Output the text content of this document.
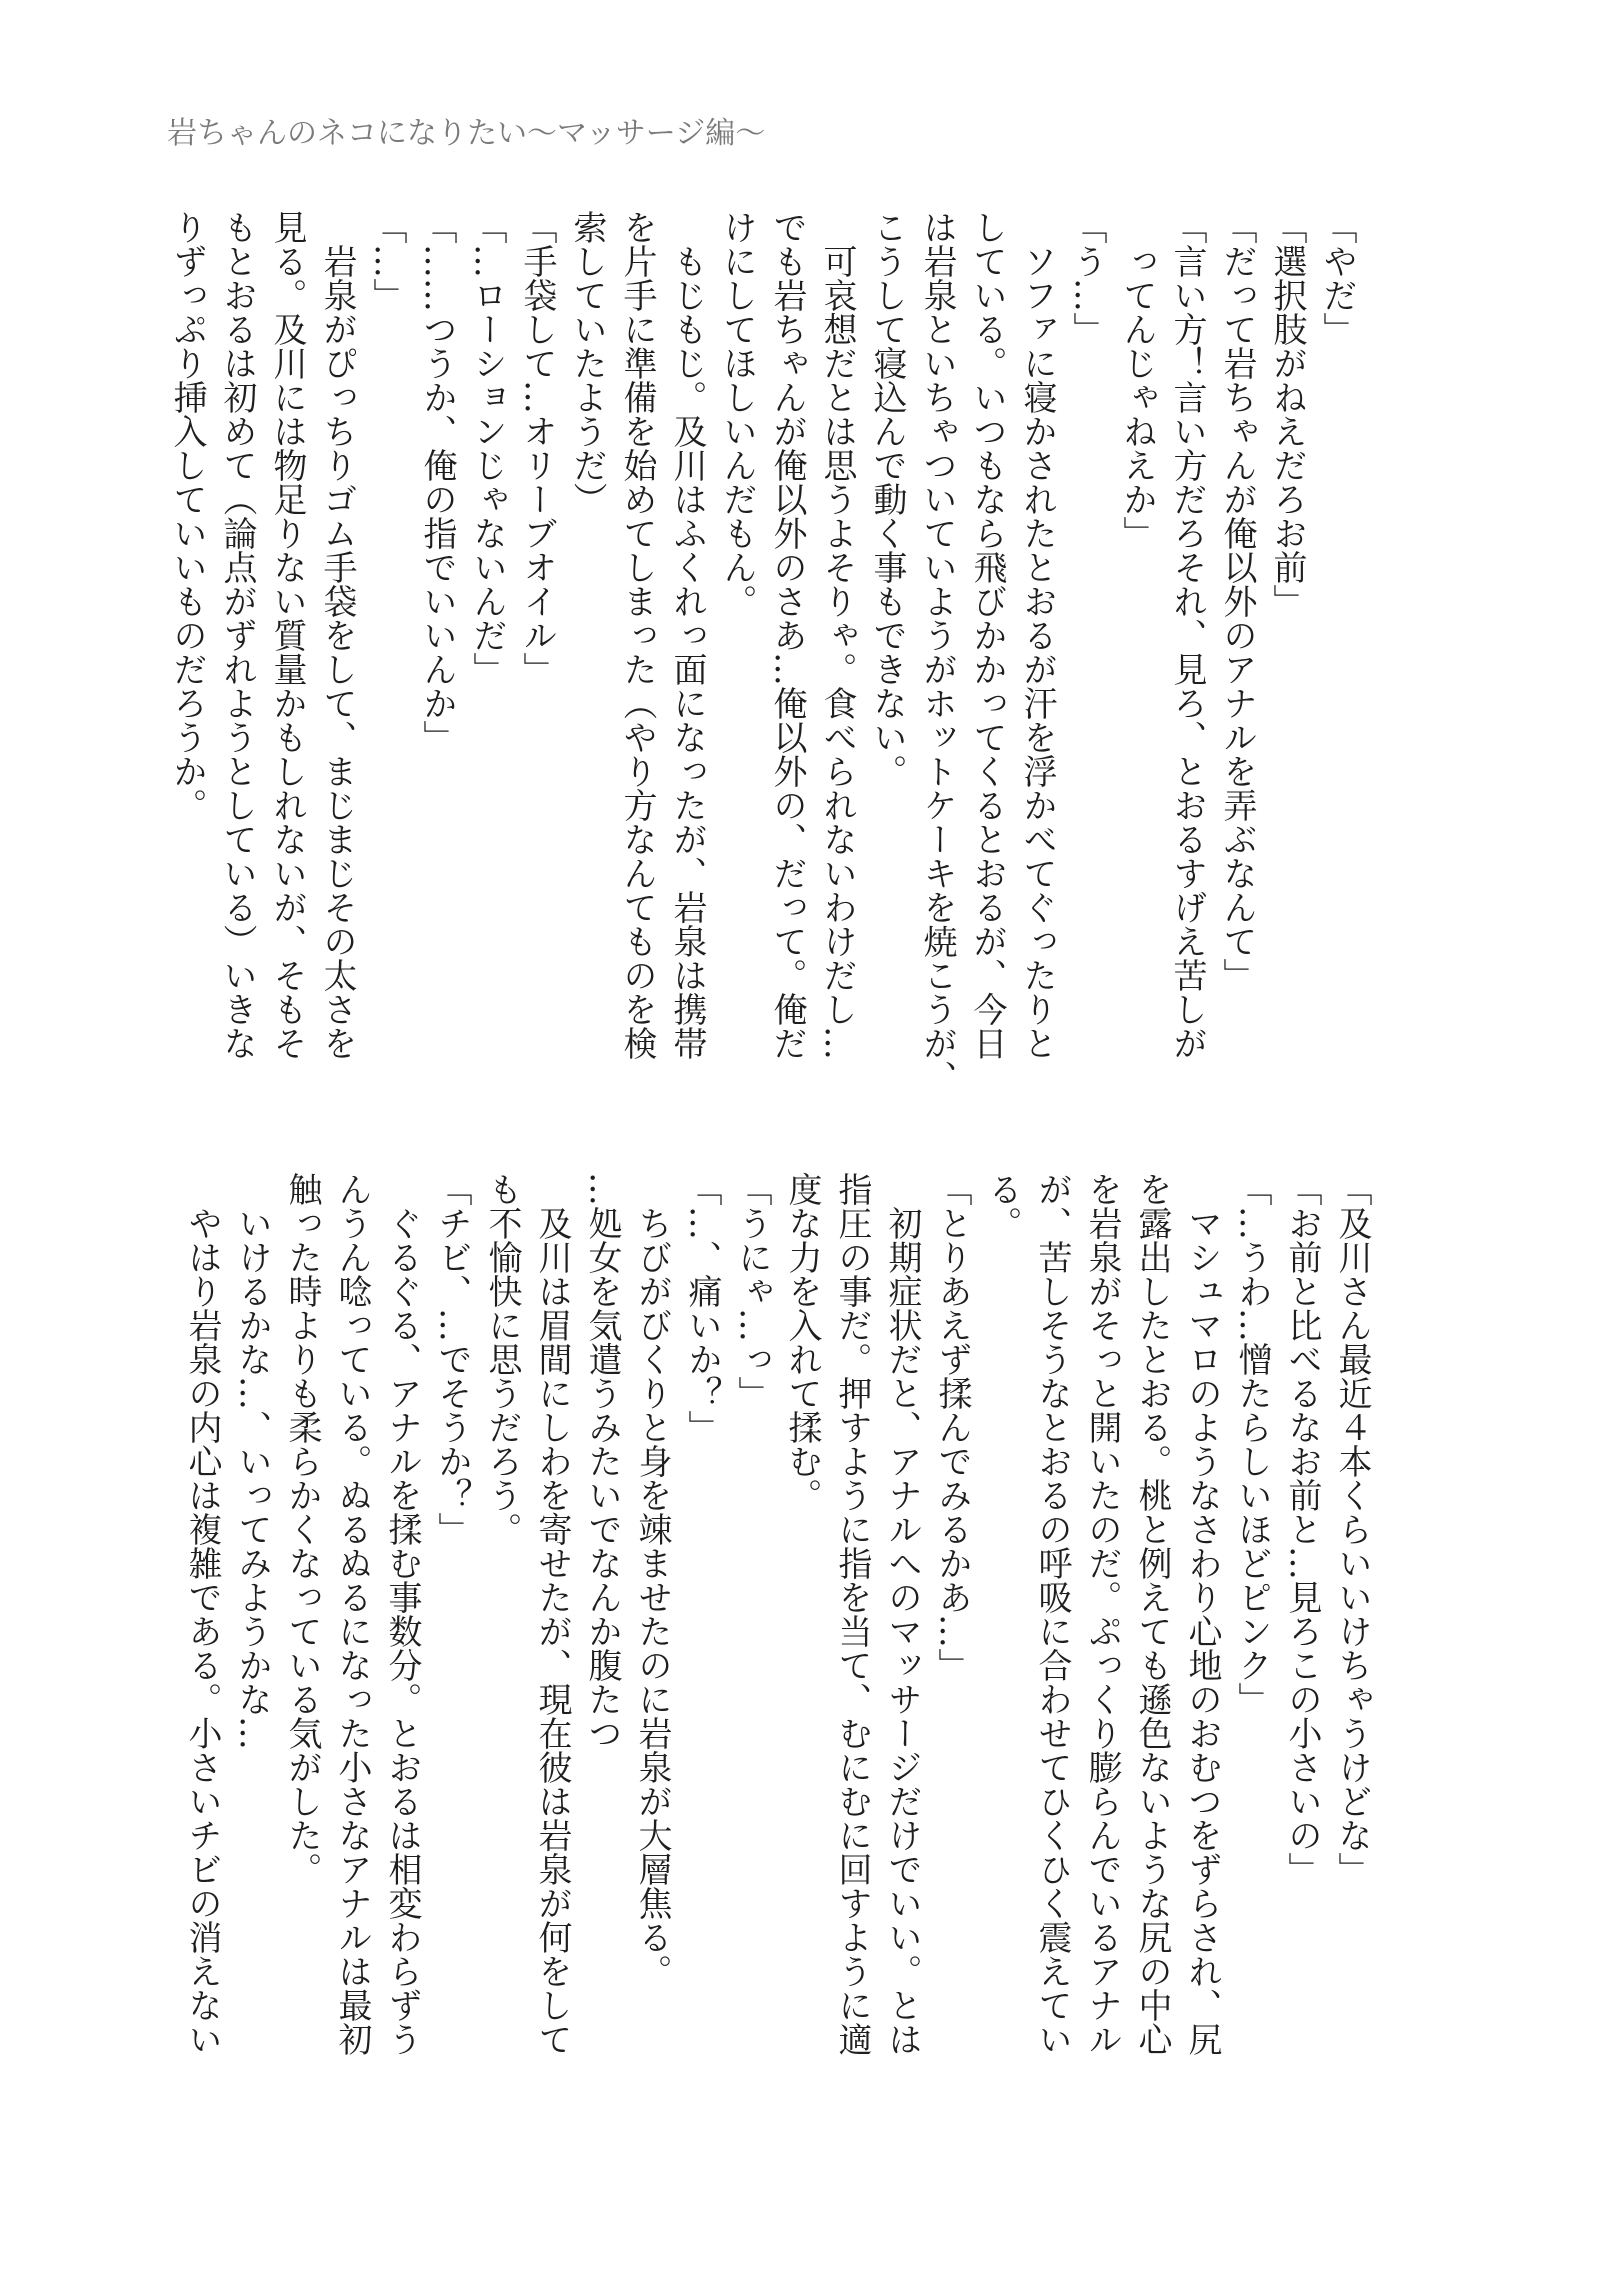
岩ちゃんのネコになりたい〜マッサージ編〜
「やだ」
「選択肢がねえだろお前」
「だって岩ちゃんが俺以外のアナルを弄ぶなんて」
「言い方！言い方だろそれ、見ろ、とおるすげえ苦しが
　ってんじゃねえか」
「う…」
　ソファに寝かされたとおるが汗を浮かべてぐったりと
している。いつもなら飛びかかってくるとおるが、今日
は岩泉といちゃついていようがホットケーキを焼こうが、
こうして寝込んで動く事もできない。
　可哀想だとは思うよそりゃ。食べられないわけだし…
でも岩ちゃんが俺以外のさあ…俺以外の、だって。俺だ
けにしてほしいんだもん。
　もじもじ。及川はふくれっ面になったが、岩泉は携帯
を片手に準備を始めてしまった（やり方なんてものを検
索していたようだ）
「手袋して…オリーブオイル」
「…ローションじゃないんだ」
「……つうか、俺の指でいいんか」
「…」
　岩泉がぴっちりゴム手袋をして、まじまじその太さを
見る。及川には物足りない質量かもしれないが、そもそ
もとおるは初めて（論点がずれようとしている）いきな
りずっぷり挿入していいものだろうか。
「及川さん最近４本くらいいけちゃうけどな」
「お前と比べるなお前と…見ろこの小さいの」
「…うわ…憎たらしいほどピンク」
　マシュマロのようなさわり心地のおむつをずらされ、尻
を露出したとおる。桃と例えても遜色ないような尻の中心
を岩泉がそっと開いたのだ。ぷっくり膨らんでいるアナル
が、苦しそうなとおるの呼吸に合わせてひくひく震えてい
る。
「とりあえず揉んでみるかあ…」
　初期症状だと、アナルへのマッサージだけでいい。とは
指圧の事だ。押すように指を当て、むにむに回すように適
度な力を入れて揉む。
「うにゃ…っ」
「…、痛いか？」
　ちびがびくりと身を竦ませたのに岩泉が大層焦る。
…処女を気遣うみたいでなんか腹たつ
　及川は眉間にしわを寄せたが、現在彼は岩泉が何をして
も不愉快に思うだろう。
「チビ、…でそうか？」
　ぐるぐる、アナルを揉む事数分。とおるは相変わらずう
んうん唸っている。ぬるぬるになった小さなアナルは最初
触った時よりも柔らかくなっている気がした。
　いけるかな…、いってみようかな…
　やはり岩泉の内心は複雑である。小さいチビの消えない
